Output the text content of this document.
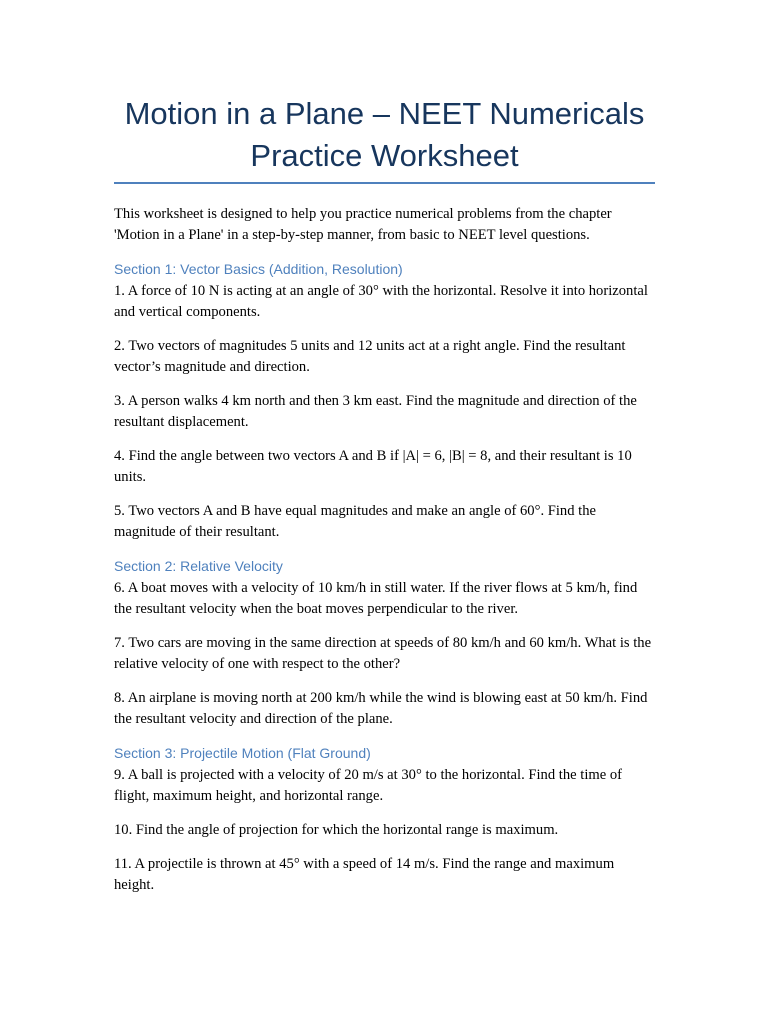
Motion in a Plane – NEET Numericals Practice Worksheet

This worksheet is designed to help you practice numerical problems from the chapter 'Motion in a Plane' in a step-by-step manner, from basic to NEET level questions.

Section 1: Vector Basics (Addition, Resolution)

1. A force of 10 N is acting at an angle of 30° with the horizontal. Resolve it into horizontal and vertical components.

2. Two vectors of magnitudes 5 units and 12 units act at a right angle. Find the resultant vector’s magnitude and direction.

3. A person walks 4 km north and then 3 km east. Find the magnitude and direction of the resultant displacement.

4. Find the angle between two vectors A and B if |A| = 6, |B| = 8, and their resultant is 10 units.

5. Two vectors A and B have equal magnitudes and make an angle of 60°. Find the magnitude of their resultant.

Section 2: Relative Velocity

6. A boat moves with a velocity of 10 km/h in still water. If the river flows at 5 km/h, find the resultant velocity when the boat moves perpendicular to the river.

7. Two cars are moving in the same direction at speeds of 80 km/h and 60 km/h. What is the relative velocity of one with respect to the other?

8. An airplane is moving north at 200 km/h while the wind is blowing east at 50 km/h. Find the resultant velocity and direction of the plane.

Section 3: Projectile Motion (Flat Ground)

9. A ball is projected with a velocity of 20 m/s at 30° to the horizontal. Find the time of flight, maximum height, and horizontal range.

10. Find the angle of projection for which the horizontal range is maximum.

11. A projectile is thrown at 45° with a speed of 14 m/s. Find the range and maximum height.
